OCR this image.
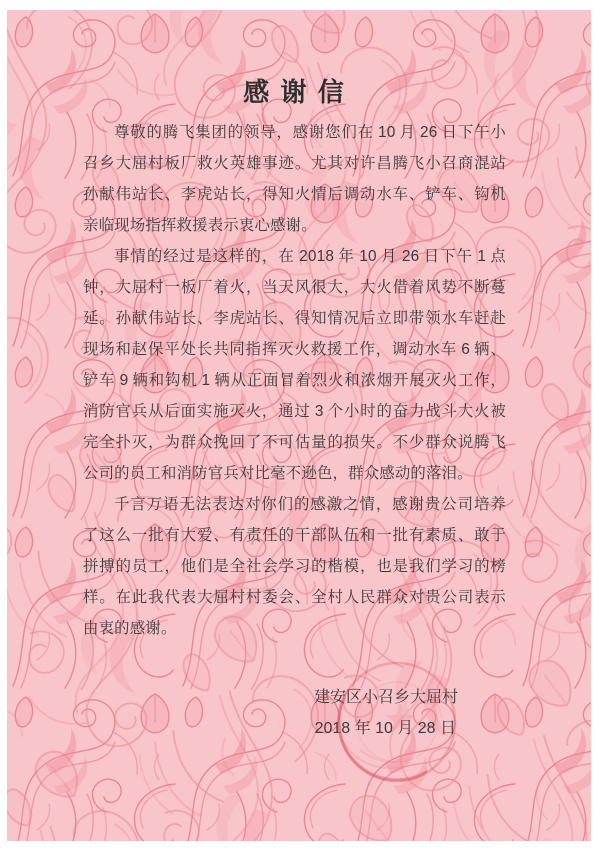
感 谢 信
尊敬的腾飞集团的领导，感谢您们在 10 月 26 日下午小
召乡大屈村板厂救火英雄事迹。尤其对许昌腾飞小召商混站
孙献伟站长、李虎站长，得知火情后调动水车、铲车、钩机
亲临现场指挥救援表示衷心感谢。
事情的经过是这样的，在 2018 年 10 月 26 日下午 1 点
钟，大屈村一板厂着火，当天风很大，大火借着风势不断蔓
延。孙献伟站长、李虎站长、得知情况后立即带领水车赶赴
现场和赵保平处长共同指挥灭火救援工作，调动水车 6 辆、
铲车 9 辆和钩机 1 辆从正面冒着烈火和浓烟开展灭火工作，
消防官兵从后面实施灭火，通过 3 个小时的奋力战斗大火被
完全扑灭，为群众挽回了不可估量的损失。不少群众说腾飞
公司的员工和消防官兵对比毫不逊色，群众感动的落泪。
千言万语无法表达对你们的感激之情，感谢贵公司培养
了这么一批有大爱、有责任的干部队伍和一批有素质、敢于
拼搏的员工，他们是全社会学习的楷模，也是我们学习的榜
样。在此我代表大屈村村委会、全村人民群众对贵公司表示
由衷的感谢。
建安区小召乡大屈村
2018 年 10 月 28 日
